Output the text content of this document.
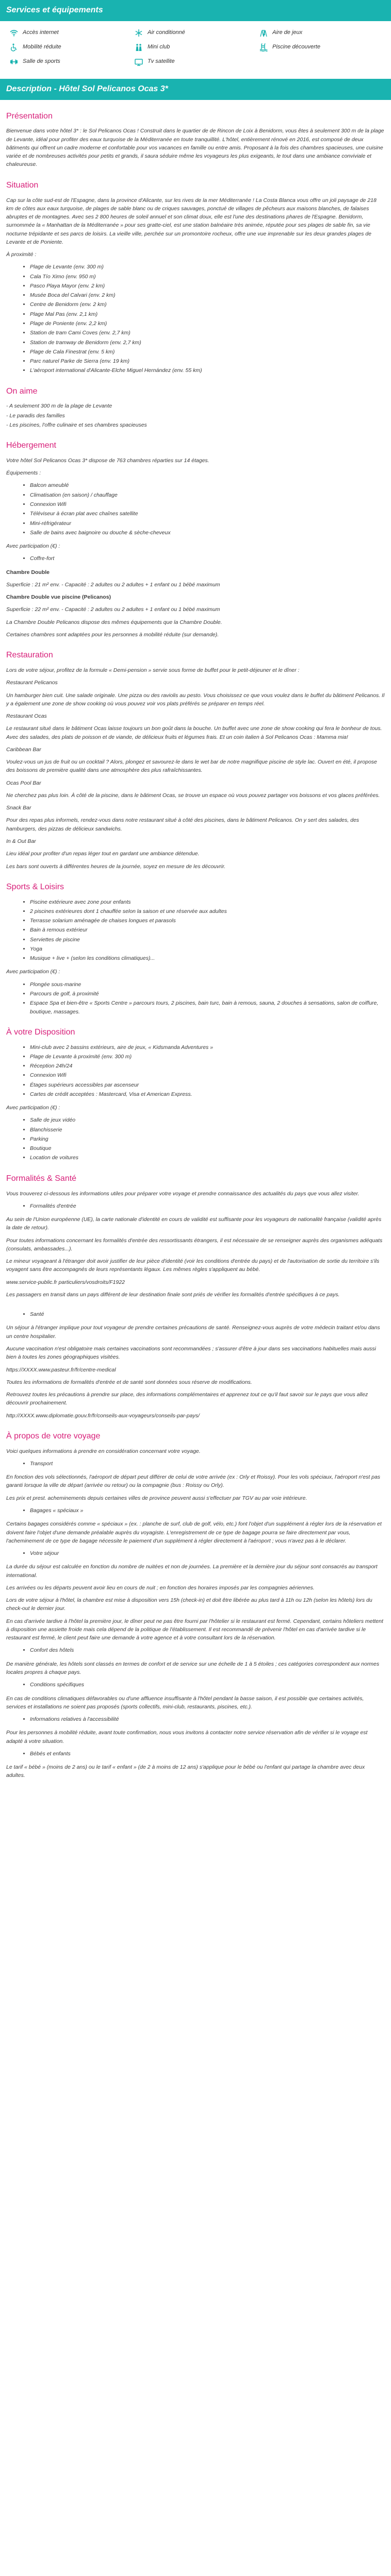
Services et équipements
Accès internet	Air conditionné	Aire de jeux
Mobilité réduite	Mini club	Piscine découverte
Salle de sports	Tv satellite
Description - Hôtel Sol Pelicanos Ocas 3*
Présentation

Bienvenue dans votre hôtel 3* : le Sol Pelicanos Ocas ! Construit dans le quartier de de Rincon de Loix à Benidorm, vous êtes à seulement 300 m de la plage de Levante, idéal pour profiter des eaux turquoise de la Méditerranée en toute tranquillité. L'hôtel, entièrement rénové en 2016, est composé de deux bâtiments qui offrent un cadre moderne et confortable pour vos vacances en famille ou entre amis. Proposant à la fois des chambres spacieuses, une cuisine variée et de nombreuses activités pour petits et grands, il saura séduire même les voyageurs les plus exigeants, le tout dans une ambiance conviviale et chaleureuse.

Situation

Cap sur la côte sud-est de l'Espagne, dans la province d'Alicante, sur les rives de la mer Méditerranée ! La Costa Blanca vous offre un joli paysage de 218 km de côtes aux eaux turquoise, de plages de sable blanc ou de criques sauvages, ponctué de villages de pêcheurs aux maisons blanches, de falaises abruptes et de montagnes. Avec ses 2 800 heures de soleil annuel et son climat doux, elle est l'une des destinations phares de l'Espagne. Benidorm, surnommée la « Manhattan de la Méditerranée » pour ses gratte-ciel, est une station balnéaire très animée, réputée pour ses plages de sable fin, sa vie nocturne trépidante et ses parcs de loisirs. La vieille ville, perchée sur un promontoire rocheux, offre une vue imprenable sur les deux grandes plages de Levante et de Poniente.

À proximité :

• Plage de Levante (env. 300 m)
• Cala Tío Ximo (env. 950 m)
• Pasco Playa Mayor (env. 2 km)
• Musée Boca del Calvari (env. 2 km)
• Centre de Benidorm (env. 2 km)
• Plage Mal Pas (env. 2,1 km)
• Plage de Poniente (env. 2,2 km)
• Station de tram Cami Coves (env. 2,7 km)
• Station de tramway de Benidorm (env. 2,7 km)
• Plage de Cala Finestrat (env. 5 km)
• Parc naturel Parke de Sierra (env. 19 km)
• L'aéroport international d'Alicante-Elche Miguel Hernández (env. 55 km)
On aime

- A seulement 300 m de la plage de Levante

- Le paradis des familles

- Les piscines, l'offre culinaire et ses chambres spacieuses

Hébergement

Votre hôtel Sol Pelicanos Ocas 3* dispose de 763 chambres réparties sur 14 étages.

Équipements :

• Balcon ameublé
• Climatisation (en saison) / chauffage
• Connexion Wifi
• Téléviseur à écran plat avec chaînes satellite
• Mini-réfrigérateur
• Salle de bains avec baignoire ou douche & sèche-cheveux

Avec participation (€) :

• Coffre-fort

Chambre Double

Superficie : 21 m² env. - Capacité : 2 adultes ou 2 adultes + 1 enfant ou 1 bébé maximum

Chambre Double vue piscine (Pelicanos)

Superficie : 22 m² env. - Capacité : 2 adultes ou 2 adultes + 1 enfant ou 1 bébé maximum

La Chambre Double Pelicanos dispose des mêmes équipements que la Chambre Double.

Certaines chambres sont adaptées pour les personnes à mobilité réduite (sur demande).

Restauration

Lors de votre séjour, profitez de la formule « Demi-pension » servie sous forme de buffet pour le petit-déjeuner et le dîner :

Restaurant Pelicanos

Un hamburger bien cuit. Une salade originale. Une pizza ou des raviolis au pesto. Vous choisissez ce que vous voulez dans le buffet du bâtiment Pelicanos. Il y a également une zone de show cooking où vous pouvez voir vos plats préférés se préparer en temps réel.

Restaurant Ocas

Le restaurant situé dans le bâtiment Ocas laisse toujours un bon goût dans la bouche. Un buffet avec une zone de show cooking qui fera le bonheur de tous. Avec des salades, des plats de poisson et de viande, de délicieux fruits et légumes frais. Et un coin italien à Sol Pelicanos Ocas : Mamma mia!

Caribbean Bar

Voulez-vous un jus de fruit ou un cocktail ? Alors, plongez et savourez-le dans le wet bar de notre magnifique piscine de style lac. Ouvert en été, il propose des boissons de première qualité dans une atmosphère des plus rafraîchissantes.

Ocas Pool Bar

Ne cherchez pas plus loin. À côté de la piscine, dans le bâtiment Ocas, se trouve un espace où vous pouvez partager vos boissons et vos glaces préférées.

Snack Bar

Pour des repas plus informels, rendez-vous dans notre restaurant situé à côté des piscines, dans le bâtiment Pelicanos. On y sert des salades, des hamburgers, des pizzas de délicieux sandwichs.

In & Out Bar

Lieu idéal pour profiter d'un repas léger tout en gardant une ambiance détendue.

Les bars sont ouverts à différentes heures de la journée, soyez en mesure de les découvrir.

Sports & Loisirs
• Piscine extérieure avec zone pour enfants
• 2 piscines extérieures dont 1 chauffée selon la saison et une réservée aux adultes
• Terrasse solarium aménagée de chaises longues et parasols
• Bain à remous extérieur
• Serviettes de piscine
• Yoga
• Musique + live + (selon les conditions climatiques)...

Avec participation (€) :

• Plongée sous-marine
• Parcours de golf, à proximité
• Espace Spa et bien-être « Sports Centre » parcours tours, 2 piscines, bain turc, bain à remous, sauna, 2 douches à sensations, salon de coiffure, boutique, massages.
À votre Disposition
• Mini-club avec 2 bassins extérieurs, aire de jeux, « Kidsmanda Adventures »
• Plage de Levante à proximité (env. 300 m)
• Réception 24h/24
• Connexion Wifi
• Étages supérieurs accessibles par ascenseur
• Cartes de crédit acceptées : Mastercard, Visa et American Express.

Avec participation (€) :

• Salle de jeux vidéo
• Blanchisserie
• Parking
• Boutique
• Location de voitures
Formalités & Santé

Vous trouverez ci-dessous les informations utiles pour préparer votre voyage et prendre connaissance des actualités du pays que vous allez visiter.

• Formalités d'entrée

Au sein de l'Union européenne (UE), la carte nationale d'identité en cours de validité est suffisante pour les voyageurs de nationalité française (validité après la date de retour).

Pour toutes informations concernant les formalités d'entrée des ressortissants étrangers, il est nécessaire de se renseigner auprès des organismes adéquats (consulats, ambassades...).

Le mineur voyageant à l'étranger doit avoir justifier de leur pièce d'identité (voir les conditions d'entrée du pays) et de l'autorisation de sortie du territoire s'ils voyagent sans être accompagnés de leurs représentants légaux. Les mêmes règles s'appliquent au bébé.

www.service-public.fr particuliers/vosdroits/F1922

Les passagers en transit dans un pays différent de leur destination finale sont priés de vérifier les formalités d'entrée spécifiques à ce pays.

• Santé

Un séjour à l'étranger implique pour tout voyageur de prendre certaines précautions de santé. Renseignez-vous auprès de votre médecin traitant et/ou dans un centre hospitalier.

Aucune vaccination n'est obligatoire mais certaines vaccinations sont recommandées ; s'assurer d'être à jour dans ses vaccinations habituelles mais aussi bien à toutes les zones géographiques visitées.

https://XXXX.www.pasteur.fr/fr/centre-medical

Toutes les informations de formalités d'entrée et de santé sont données sous réserve de modifications.

Retrouvez toutes les précautions à prendre sur place, des informations complémentaires et apprenez tout ce qu'il faut savoir sur le pays que vous allez découvrir prochainement.

http://XXXX.www.diplomatie.gouv.fr/fr/conseils-aux-voyageurs/conseils-par-pays/

À propos de votre voyage

Voici quelques informations à prendre en considération concernant votre voyage.

• Transport

En fonction des vols sélectionnés, l'aéroport de départ peut différer de celui de votre arrivée (ex : Orly et Roissy). Pour les vols spéciaux, l'aéroport n'est pas garanti lorsque la ville de départ (arrivée ou retour) ou la compagnie (bus : Roissy ou Orly).

Les prix et prest. acheminements depuis certaines villes de province peuvent aussi s'effectuer par TGV au par voie intérieure.

• Bagages « spéciaux »

Certains bagages considérés comme « spéciaux » (ex. : planche de surf, club de golf, vélo, etc.) font l'objet d'un supplément à régler lors de la réservation et doivent faire l'objet d'une demande préalable auprès du voyagiste. L'enregistrement de ce type de bagage pourra se faire directement par vous, l'acheminement de ce type de bagage nécessite le paiement d'un supplément à régler directement à l'aéroport ; vous n'avez pas à le déclarer.

• Votre séjour

La durée du séjour est calculée en fonction du nombre de nuitées et non de journées. La première et la dernière jour du séjour sont consacrés au transport international.

Les arrivées ou les départs peuvent avoir lieu en cours de nuit ; en fonction des horaires imposés par les compagnies aériennes.

Lors de votre séjour à l'hôtel, la chambre est mise à disposition vers 15h (check-in) et doit être libérée au plus tard à 11h ou 12h (selon les hôtels) lors du check-out le dernier jour.

En cas d'arrivée tardive à l'hôtel la première jour, le dîner peut ne pas être fourni par l'hôtelier si le restaurant est fermé. Cependant, certains hôteliers mettent à disposition une assiette froide mais cela dépend de la politique de l'établissement. Il est recommandé de prévenir l'hôtel en cas d'arrivée tardive si le restaurant est fermé, le client peut faire une demande à votre agence et à votre consultant lors de la réservation.

• Confort des hôtels

De manière générale, les hôtels sont classés en termes de confort et de service sur une échelle de 1 à 5 étoiles ; ces catégories correspondent aux normes locales propres à chaque pays.

• Conditions spécifiques

En cas de conditions climatiques défavorables ou d'une affluence insuffisante à l'hôtel pendant la basse saison, il est possible que certaines activités, services et installations ne soient pas proposés (sports collectifs, mini-club, restaurants, piscines, etc.).

• Informations relatives à l'accessibilité

Pour les personnes à mobilité réduite, avant toute confirmation, nous vous invitons à contacter notre service réservation afin de vérifier si le voyage est adapté à votre situation.

• Bébés et enfants

Le tarif « bébé » (moins de 2 ans) ou le tarif « enfant » (de 2 à moins de 12 ans) s'applique pour le bébé ou l'enfant qui partage la chambre avec deux adultes.
